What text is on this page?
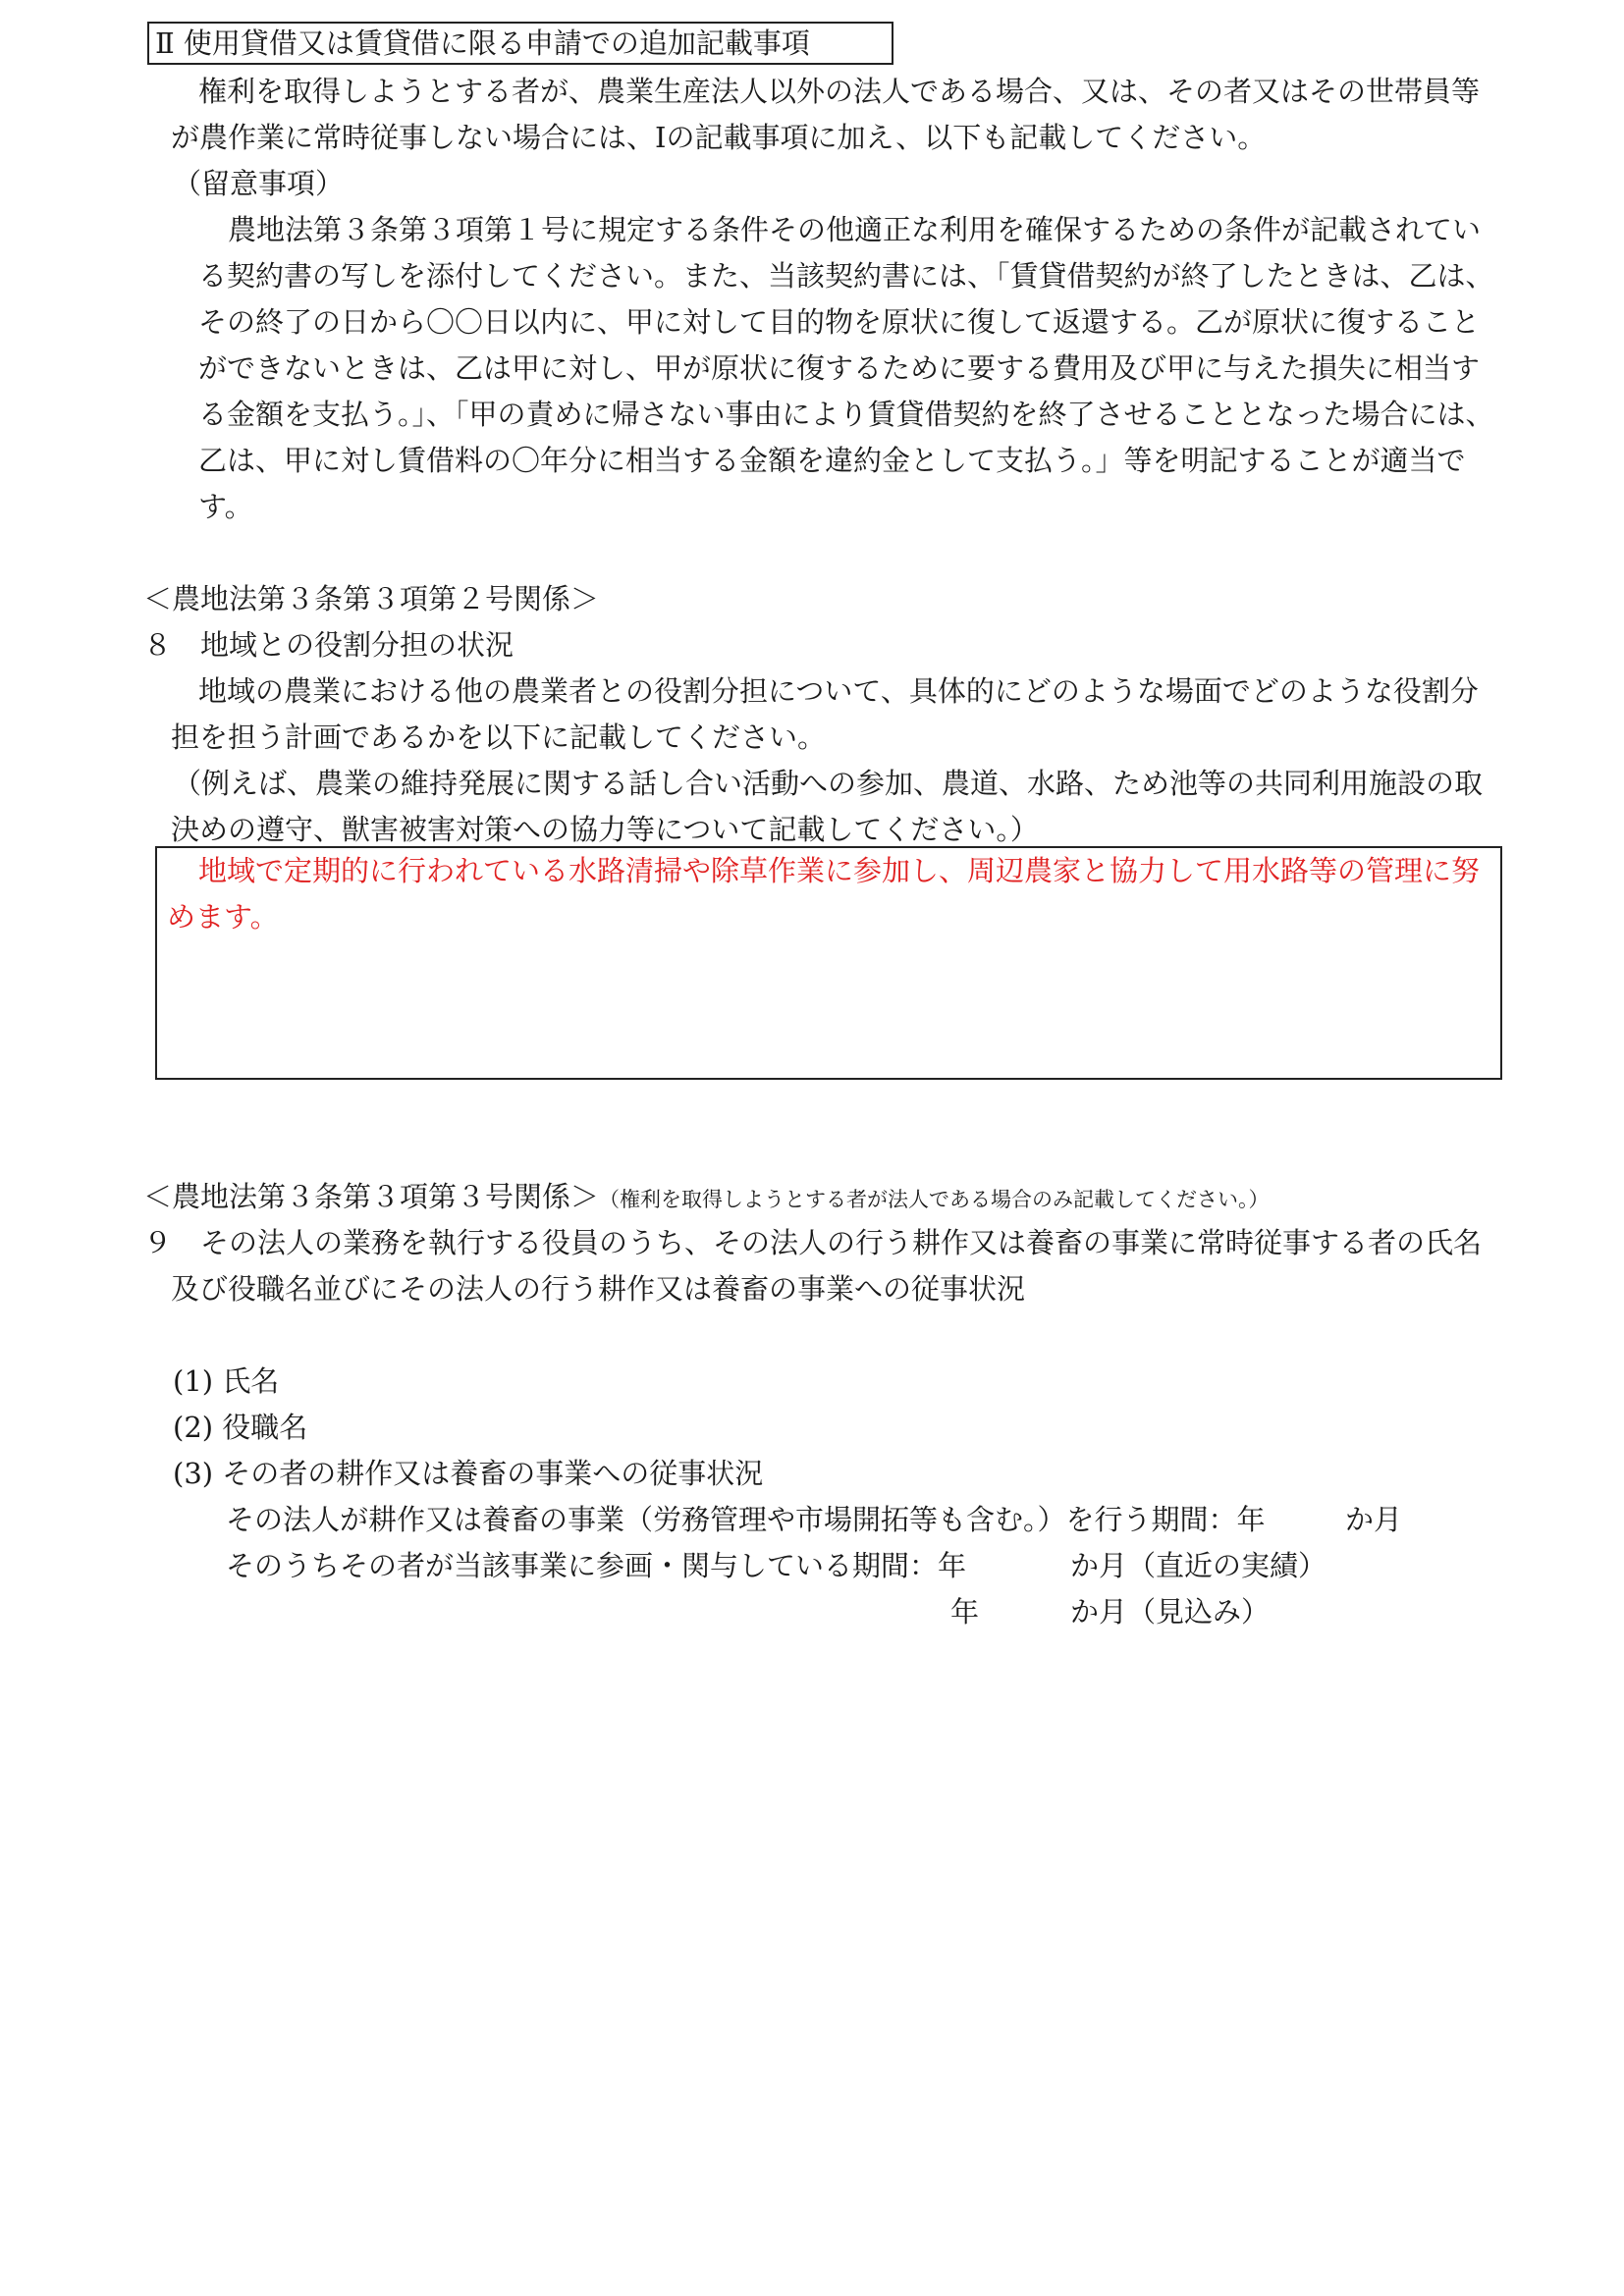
Ⅱ 使用貸借又は賃貸借に限る申請での追加記載事項
権利を取得しようとする者が、農業生産法人以外の法人である場合、又は、その者又はその世帯員等
が農作業に常時従事しない場合には、Ⅰの記載事項に加え、以下も記載してください。
（留意事項）
農地法第３条第３項第１号に規定する条件その他適正な利用を確保するための条件が記載されてい
る契約書の写しを添付してください。また、当該契約書には、「賃貸借契約が終了したときは、乙は、
その終了の日から〇〇日以内に、甲に対して目的物を原状に復して返還する。乙が原状に復すること
ができないときは、乙は甲に対し、甲が原状に復するために要する費用及び甲に与えた損失に相当す
る金額を支払う。」、「甲の責めに帰さない事由により賃貸借契約を終了させることとなった場合には、
乙は、甲に対し賃借料の〇年分に相当する金額を違約金として支払う。」等を明記することが適当で
す。
＜農地法第３条第３項第２号関係＞
８　地域との役割分担の状況
地域の農業における他の農業者との役割分担について、具体的にどのような場面でどのような役割分
担を担う計画であるかを以下に記載してください。
（例えば、農業の維持発展に関する話し合い活動への参加、農道、水路、ため池等の共同利用施設の取
決めの遵守、獣害被害対策への協力等について記載してください。）
地域で定期的に行われている水路清掃や除草作業に参加し、周辺農家と協力して用水路等の管理に努
めます。
＜農地法第３条第３項第３号関係＞（権利を取得しようとする者が法人である場合のみ記載してください。）
９　その法人の業務を執行する役員のうち、その法人の行う耕作又は養畜の事業に常時従事する者の氏名
及び役職名並びにその法人の行う耕作又は養畜の事業への従事状況
(1) 氏名
(2) 役職名
(3) その者の耕作又は養畜の事業への従事状況
その法人が耕作又は養畜の事業（労務管理や市場開拓等も含む。）を行う期間：年	か月
そのうちその者が当該事業に参画・関与している期間：年	か月（直近の実績）
年	か月（見込み）
